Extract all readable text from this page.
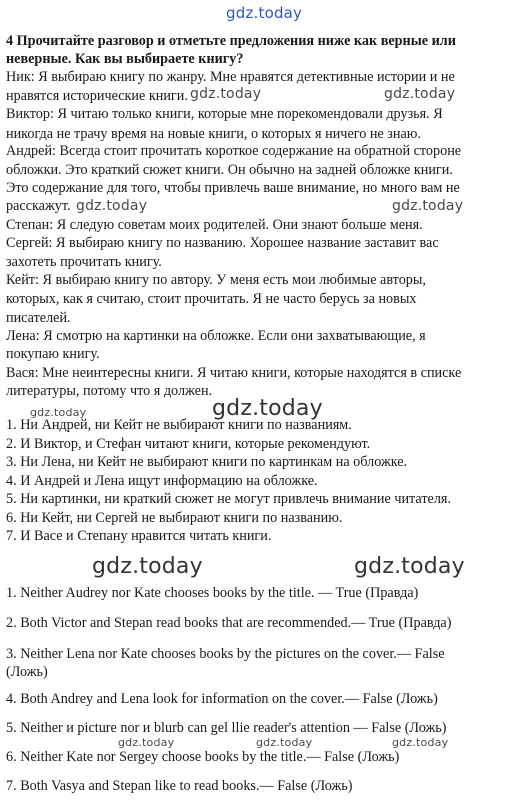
gdz.today
gdz.today	gdz.today
gdz.today	gdz.today
gdz.today	gdz.today
gdz.today	gdz.today
gdz.today	gdz.today	gdz.today
4 Прочитайте разговор и отметьте предложения ниже как верные или
неверные. Как вы выбираете книгу?
Ник: Я выбираю книгу по жанру. Мне нравятся детективные истории и не
нравятся исторические книги.
Виктор: Я читаю только книги, которые мне порекомендовали друзья. Я
никогда не трачу время на новые книги, о которых я ничего не знаю.
Андрей: Всегда стоит прочитать короткое содержание на обратной стороне
обложки. Это краткий сюжет книги. Он обычно на задней обложке книги.
Это содержание для того, чтобы привлечь ваше внимание, но много вам не
расскажут.
Степан: Я следую советам моих родителей. Они знают больше меня.
Сергей: Я выбираю книгу по названию. Хорошее название заставит вас
захотеть прочитать книгу.
Кейт: Я выбираю книгу по автору. У меня есть мои любимые авторы,
которых, как я считаю, стоит прочитать. Я не часто берусь за новых
писателей.
Лена: Я смотрю на картинки на обложке. Если они захватывающие, я
покупаю книгу.
Вася: Мне неинтересны книги. Я читаю книги, которые находятся в списке
литературы, потому что я должен.
1. Ни Андрей, ни Кейт не выбирают книги по названиям.
2. И Виктор, и Стефан читают книги, которые рекомендуют.
3. Ни Лена, ни Кейт не выбирают книги по картинкам на обложке.
4. И Андрей и Лена ищут информацию на обложке.
5. Ни картинки, ни краткий сюжет не могут привлечь внимание читателя.
6. Ни Кейт, ни Сергей не выбирают книги по названию.
7. И Васе и Степану нравится читать книги.
1. Neither Audrey nor Kate chooses books by the title. — True (Правда)
2. Both Victor and Stepan read books that are recommended.— True (Правда)
3. Neither Lena nor Kate chooses books by the pictures on the cover.— False
(Ложь)
4. Both Andrey and Lena look for information on the cover.— False (Ложь)
5. Neither и picture nor и blurb can gel llie reader's attention — False (Ложь)
6. Neither Kate nor Sergey choose books by the title.— False (Ложь)
7. Both Vasya and Stepan like to read books.— False (Ложь)
